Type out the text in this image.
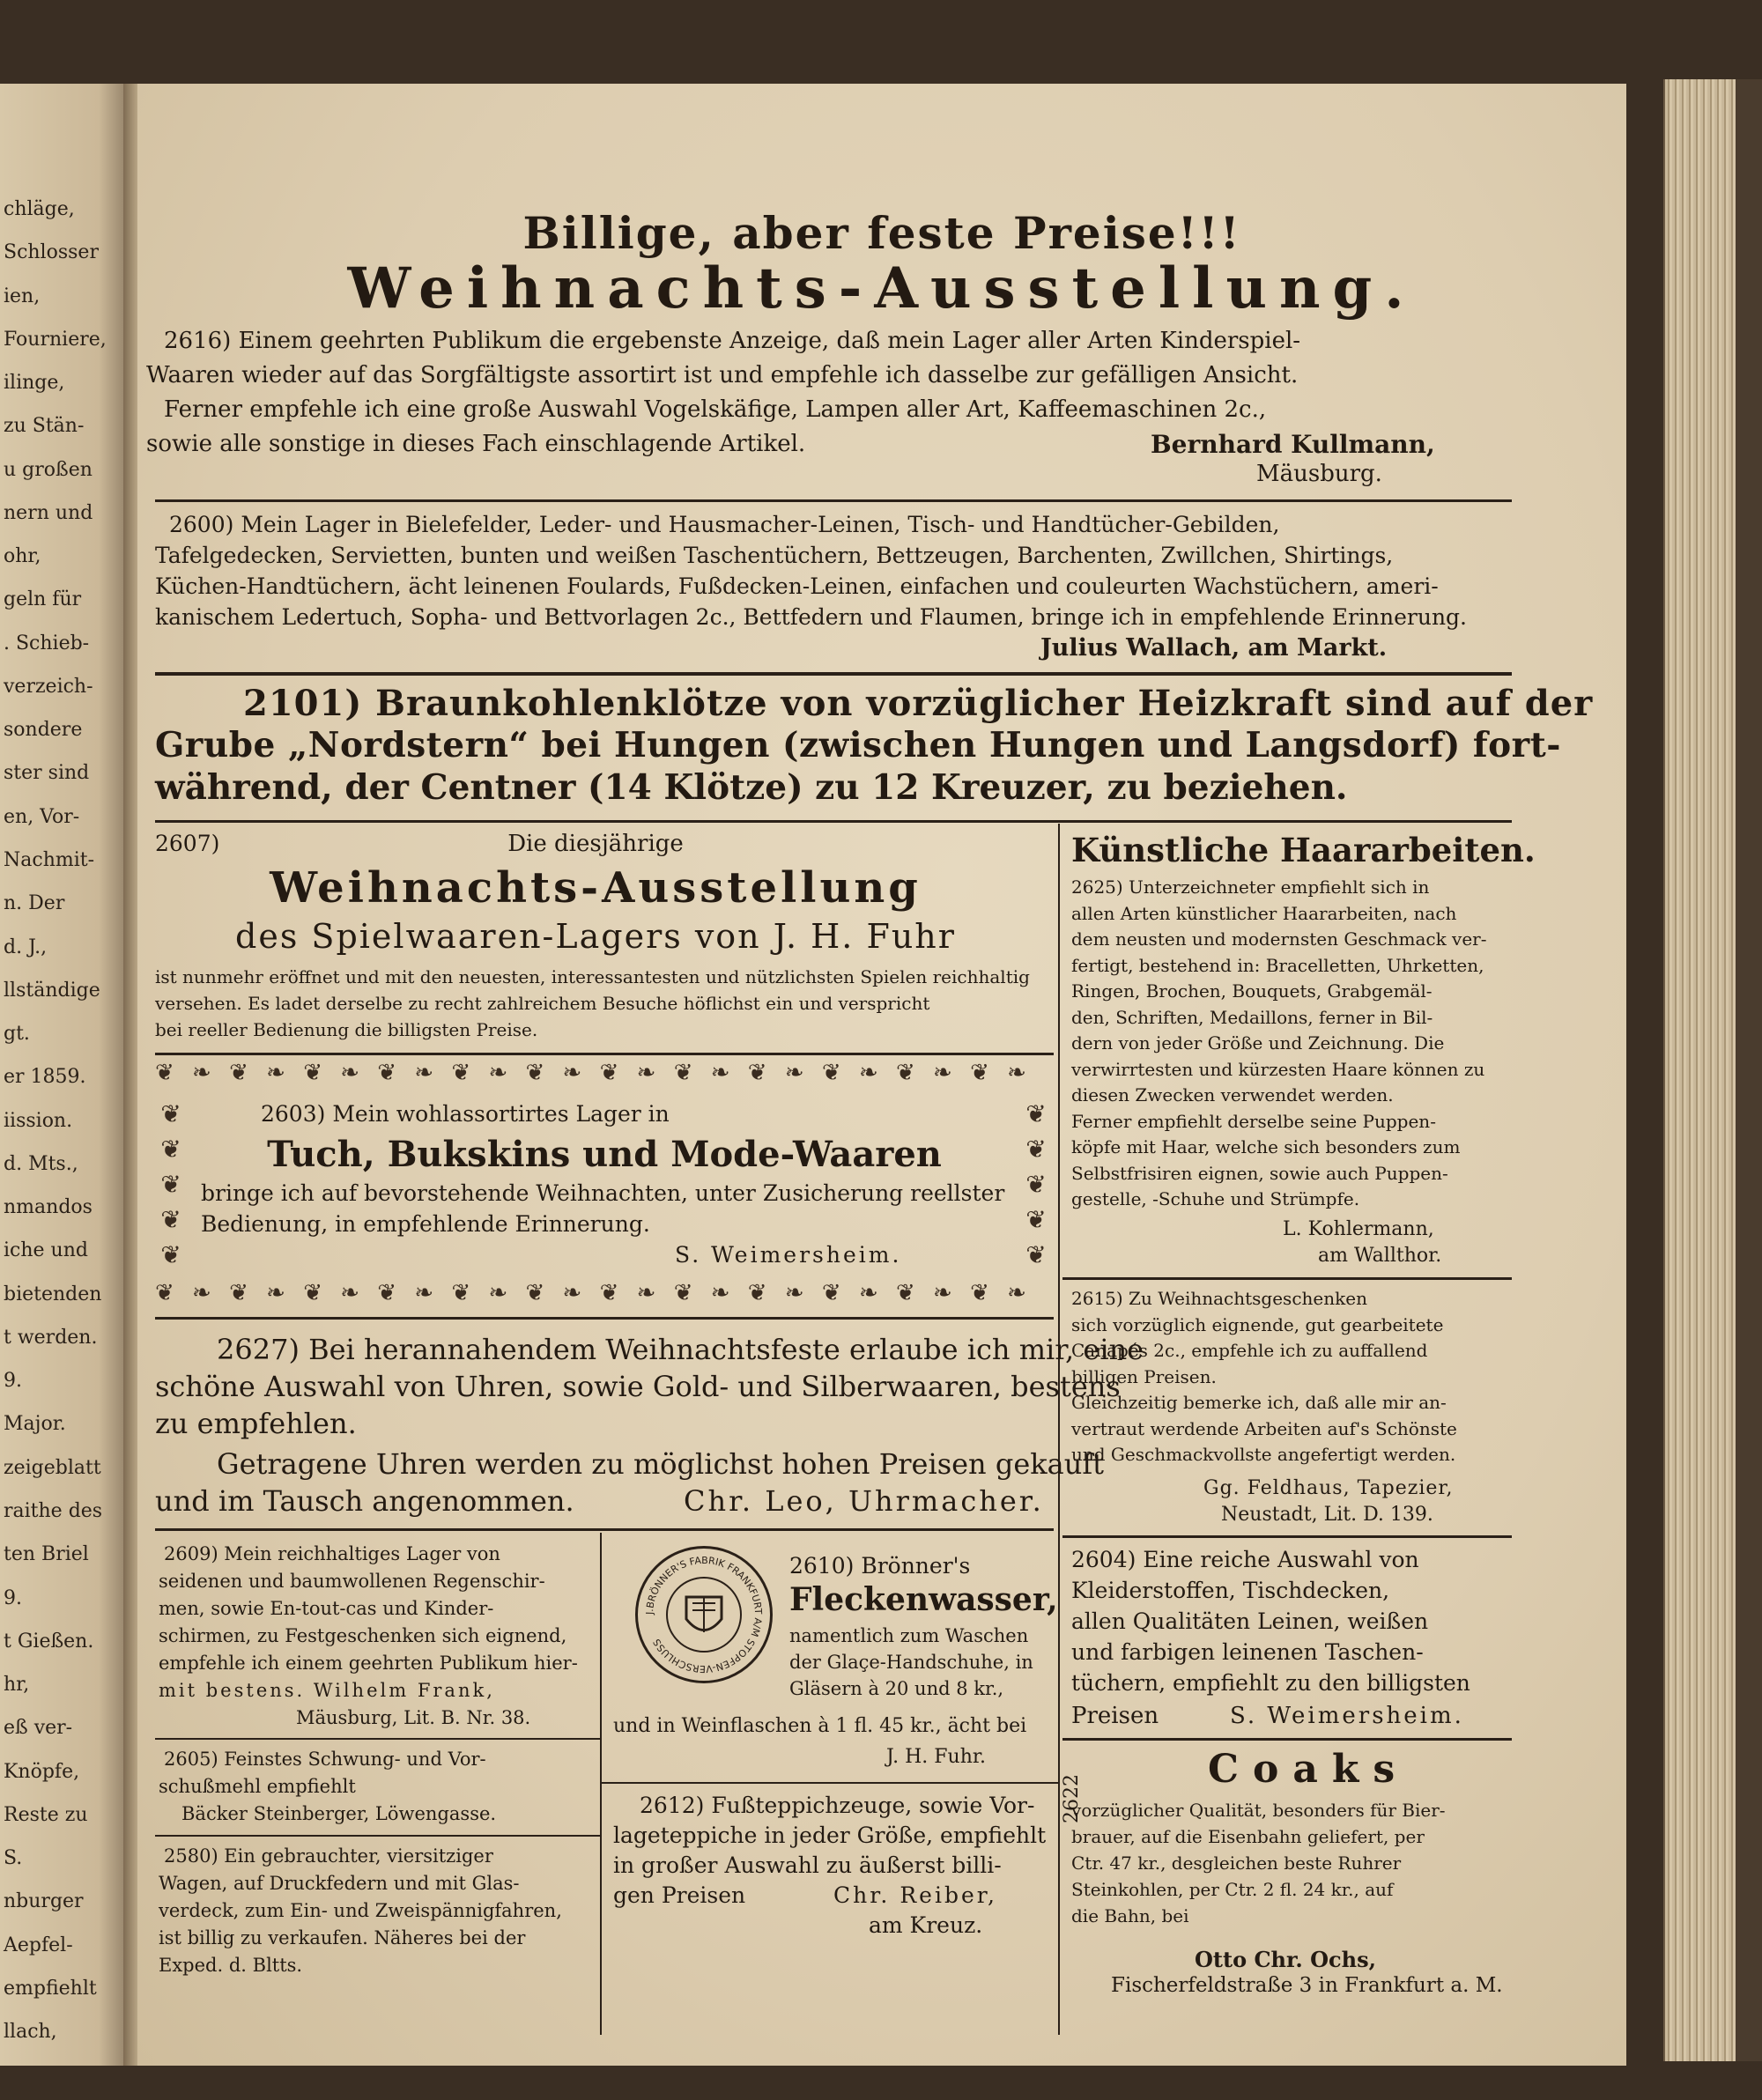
chläge,
Schlosser
ien,
Fourniere,
ilinge,
zu Stän-
u großen
nern und
ohr,
geln für
. Schieb-
verzeich-
sondere
ster sind
en, Vor-
Nachmit-
n. Der
d. J.,
llständige
gt.
er 1859.
iission.
d. Mts.,
nmandos
iche und
bietenden
t werden.
9.
Major.
zeigeblatt
raithe des
ten Briel
9.
t Gießen.
hr,
eß ver-
Knöpfe,
Reste zu
S.
nburger
Aepfel-
empfiehlt
llach,
Billige, aber feste Preise!!!
Weihnachts-Ausstellung.
2616) Einem geehrten Publikum die ergebenste Anzeige, daß mein Lager aller Arten Kinderspiel-
Waaren wieder auf das Sorgfältigste assortirt ist und empfehle ich dasselbe zur gefälligen Ansicht.
Ferner empfehle ich eine große Auswahl Vogelskäfige, Lampen aller Art, Kaffeemaschinen 2c.,
sowie alle sonstige in dieses Fach einschlagende Artikel.	Bernhard Kullmann,
Mäusburg.
2600) Mein Lager in Bielefelder, Leder- und Hausmacher-Leinen, Tisch- und Handtücher-Gebilden,
Tafelgedecken, Servietten, bunten und weißen Taschentüchern, Bettzeugen, Barchenten, Zwillchen, Shirtings,
Küchen-Handtüchern, ächt leinenen Foulards, Fußdecken-Leinen, einfachen und couleurten Wachstüchern, ameri-
kanischem Ledertuch, Sopha- und Bettvorlagen 2c., Bettfedern und Flaumen, bringe ich in empfehlende Erinnerung.
Julius Wallach, am Markt.
2101) Braunkohlenklötze von vorzüglicher Heizkraft sind auf der
Grube „Nordstern“ bei Hungen (zwischen Hungen und Langsdorf) fort-
während, der Centner (14 Klötze) zu 12 Kreuzer, zu beziehen.
2607)	Die diesjährige
Weihnachts-Ausstellung
des Spielwaaren-Lagers von J. H. Fuhr
ist nunmehr eröffnet und mit den neuesten, interessantesten und nützlichsten Spielen reichhaltig
versehen. Es ladet derselbe zu recht zahlreichem Besuche höflichst ein und verspricht
bei reeller Bedienung die billigsten Preise.
❦ ❧ ❦ ❧ ❦ ❧ ❦ ❧ ❦ ❧ ❦ ❧ ❦ ❧ ❦ ❧ ❦ ❧ ❦ ❧ ❦ ❧ ❦ ❧
❦ ❧ ❦ ❧ ❦ ❧ ❦ ❧ ❦ ❧ ❦ ❧ ❦ ❧ ❦ ❧ ❦ ❧ ❦ ❧ ❦ ❧ ❦ ❧
❦
❦
❦
❦
❦
❦
❦
❦
❦
❦
2603) Mein wohlassortirtes Lager in
Tuch, Bukskins und Mode-Waaren
bringe ich auf bevorstehende Weihnachten, unter Zusicherung reellster
Bedienung, in empfehlende Erinnerung.
S. Weimersheim.
2627) Bei herannahendem Weihnachtsfeste erlaube ich mir, eine
schöne Auswahl von Uhren, sowie Gold- und Silberwaaren, bestens
zu empfehlen.
Getragene Uhren werden zu möglichst hohen Preisen gekauft
und im Tausch angenommen.	Chr. Leo, Uhrmacher.
2609) Mein reichhaltiges Lager von
seidenen und baumwollenen Regenschir-
men, sowie En-tout-cas und Kinder-
schirmen, zu Festgeschenken sich eignend,
empfehle ich einem geehrten Publikum hier-
mit bestens. Wilhelm Frank,
Mäusburg, Lit. B. Nr. 38.
2605) Feinstes Schwung- und Vor-
schußmehl empfiehlt
Bäcker Steinberger, Löwengasse.
2580) Ein gebrauchter, viersitziger
Wagen, auf Druckfedern und mit Glas-
verdeck, zum Ein- und Zweispännigfahren,
ist billig zu verkaufen. Näheres bei der
Exped. d. Bltts.
J.BRÖNNER'S FABRIK FRANKFURT A/M STOPFEN-VERSCHLUSS
2610) Brönner's
Fleckenwasser,
namentlich zum Waschen
der Glaçe-Handschuhe, in
Gläsern à 20 und 8 kr.,
und in Weinflaschen à 1 fl. 45 kr., ächt bei
J. H. Fuhr.
2612) Fußteppichzeuge, sowie Vor-
lageteppiche in jeder Größe, empfiehlt
in großer Auswahl zu äußerst billi-
gen Preisen	Chr. Reiber,
am Kreuz.
Künstliche Haararbeiten.
2625) Unterzeichneter empfiehlt sich in
allen Arten künstlicher Haararbeiten, nach
dem neusten und modernsten Geschmack ver-
fertigt, bestehend in: Bracelletten, Uhrketten,
Ringen, Brochen, Bouquets, Grabgemäl-
den, Schriften, Medaillons, ferner in Bil-
dern von jeder Größe und Zeichnung. Die
verwirrtesten und kürzesten Haare können zu
diesen Zwecken verwendet werden.
Ferner empfiehlt derselbe seine Puppen-
köpfe mit Haar, welche sich besonders zum
Selbstfrisiren eignen, sowie auch Puppen-
gestelle, -Schuhe und Strümpfe.
L. Kohlermann,
am Wallthor.
2615) Zu Weihnachtsgeschenken
sich vorzüglich eignende, gut gearbeitete
Canapés 2c., empfehle ich zu auffallend
billigen Preisen.
Gleichzeitig bemerke ich, daß alle mir an-
vertraut werdende Arbeiten auf's Schönste
und Geschmackvollste angefertigt werden.
Gg. Feldhaus, Tapezier,
Neustadt, Lit. D. 139.
2604) Eine reiche Auswahl von
Kleiderstoffen, Tischdecken,
allen Qualitäten Leinen, weißen
und farbigen leinenen Taschen-
tüchern, empfiehlt zu den billigsten
Preisen	S. Weimersheim.
2622
Coaks
vorzüglicher Qualität, besonders für Bier-
brauer, auf die Eisenbahn geliefert, per
Ctr. 47 kr., desgleichen beste Ruhrer
Steinkohlen, per Ctr. 2 fl. 24 kr., auf
die Bahn, bei
Otto Chr. Ochs,
Fischerfeldstraße 3 in Frankfurt a. M.
